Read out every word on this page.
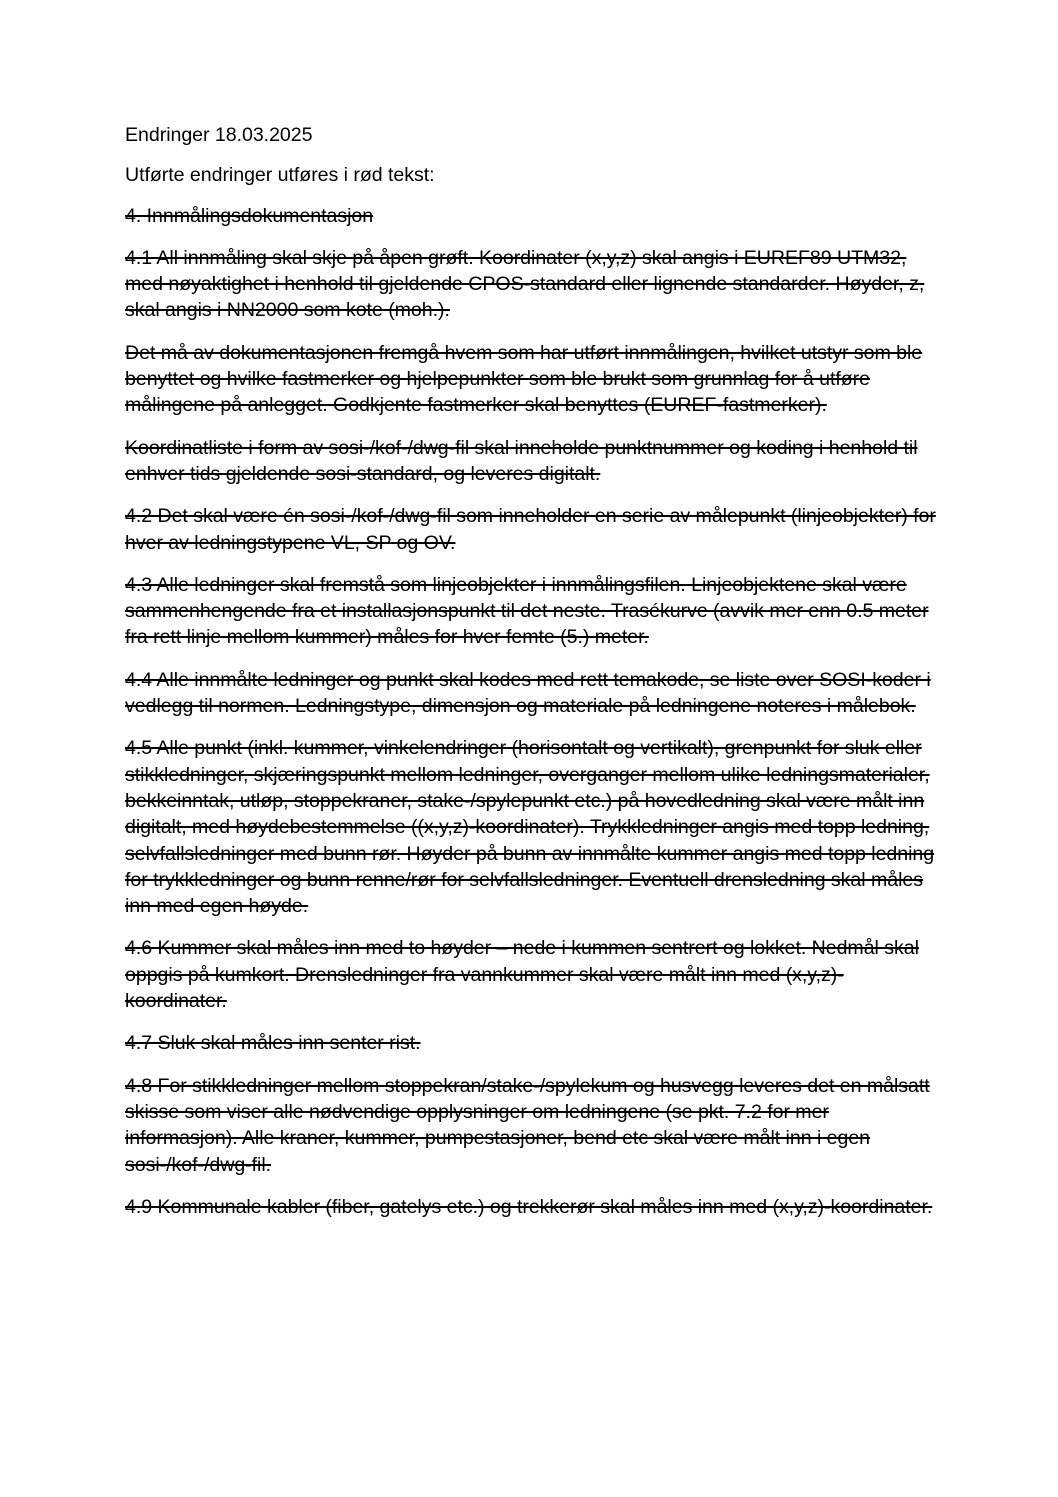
Endringer 18.03.2025

Utførte endringer utføres i rød tekst:

4. Innmålingsdokumentasjon

4.1 All innmåling skal skje på åpen grøft. Koordinater (x,y,z) skal angis i EUREF89 UTM32, med nøyaktighet i henhold til gjeldende CPOS-standard eller lignende standarder. Høyder, z, skal angis i NN2000 som kote (moh.).

Det må av dokumentasjonen fremgå hvem som har utført innmålingen, hvilket utstyr som ble benyttet og hvilke fastmerker og hjelpepunkter som ble brukt som grunnlag for å utføre målingene på anlegget. Godkjente fastmerker skal benyttes (EUREF-fastmerker).

Koordinatliste i form av sosi-/kof-/dwg-fil skal inneholde punktnummer og koding i henhold til enhver tids gjeldende sosi-standard, og leveres digitalt.

4.2 Det skal være én sosi-/kof-/dwg-fil som inneholder en serie av målepunkt (linjeobjekter) for hver av ledningstypene VL, SP og OV.

4.3 Alle ledninger skal fremstå som linjeobjekter i innmålingsfilen. Linjeobjektene skal være sammenhengende fra et installasjonspunkt til det neste. Trasékurve (avvik mer enn 0.5 meter fra rett linje mellom kummer) måles for hver femte (5.) meter.

4.4 Alle innmålte ledninger og punkt skal kodes med rett temakode, se liste over SOSI-koder i vedlegg til normen. Ledningstype, dimensjon og materiale på ledningene noteres i målebok.

4.5 Alle punkt (inkl. kummer, vinkelendringer (horisontalt og vertikalt), grenpunkt for sluk eller stikkledninger, skjæringspunkt mellom ledninger, overganger mellom ulike ledningsmaterialer, bekkeinntak, utløp, stoppekraner, stake-/spylepunkt etc.) på hovedledning skal være målt inn digitalt, med høydebestemmelse ((x,y,z)-koordinater). Trykkledninger angis med topp ledning, selvfallsledninger med bunn rør. Høyder på bunn av innmålte kummer angis med topp ledning for trykkledninger og bunn renne/rør for selvfallsledninger. Eventuell drensledning skal måles inn med egen høyde.

4.6 Kummer skal måles inn med to høyder – nede i kummen sentrert og lokket. Nedmål skal oppgis på kumkort. Drensledninger fra vannkummer skal være målt inn med (x,y,z)-koordinater.

4.7 Sluk skal måles inn senter rist.

4.8 For stikkledninger mellom stoppekran/stake-/spylekum og husvegg leveres det en målsatt skisse som viser alle nødvendige opplysninger om ledningene (se pkt. 7.2 for mer informasjon). Alle kraner, kummer, pumpestasjoner, bend etc skal være målt inn i egen sosi-/kof-/dwg-fil.

4.9 Kommunale kabler (fiber, gatelys etc.) og trekkerør skal måles inn med (x,y,z)-koordinater.
